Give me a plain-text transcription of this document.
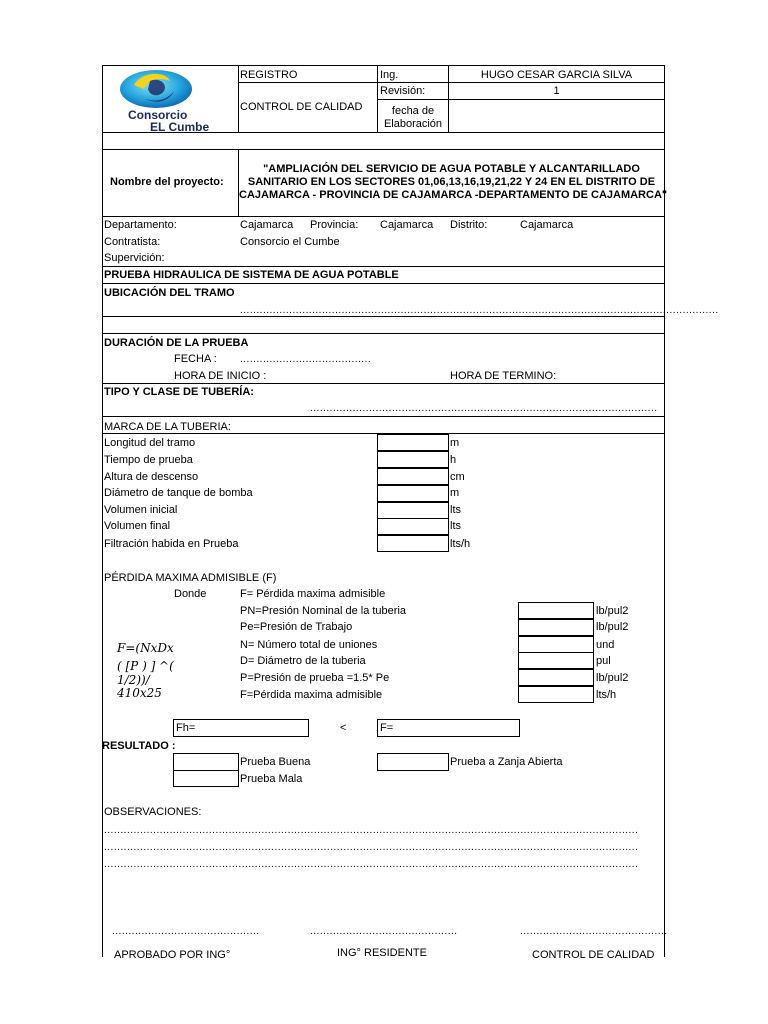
Consorcio
EL Cumbe
REGISTRO
CONTROL DE CALIDAD
Ing.	HUGO CESAR GARCIA SILVA
Revisión:	1
fecha de
Elaboración
Nombre del proyecto:
"AMPLIACIÓN DEL SERVICIO DE AGUA POTABLE Y ALCANTARILLADO
SANITARIO EN LOS SECTORES 01,06,13,16,19,21,22 Y 24 EN EL DISTRITO DE
CAJAMARCA - PROVINCIA DE CAJAMARCA -DEPARTAMENTO DE CAJAMARCA"
Departamento:	Cajamarca Provincia: Cajamarca Distrito:	Cajamarca
Contratista:	Consorcio el Cumbe
Supervición:
PRUEBA HIDRAULICA DE SISTEMA DE AGUA POTABLE
UBICACIÓN DEL TRAMO
..................................................................................................................................................
DURACIÓN DE LA PRUEBA
FECHA : ........................................
HORA DE INICIO :	HORA DE TERMINO:
TIPO Y CLASE DE TUBERÍA:
..........................................................................................................
MARCA DE LA TUBERIA:
Longitud del tramo	m
Tiempo de prueba	h
Altura de descenso	cm
Diámetro de tanque de bomba	m
Volumen inicial	lts
Volumen final	lts
Filtración habida en Prueba	lts/h
PÉRDIDA MAXIMA ADMISIBLE (F)
Donde	F= Pérdida maxima admisible
PN=Presión Nominal de la tuberia	lb/pul2
Pe=Presión de Trabajo	lb/pul2
N= Número total de uniones	und
D= Diámetro de la tuberia	pul
P=Presión de prueba =1.5* Pe	lb/pul2
F=Pérdida maxima admisible	lts/h
F=(NxDx
( [P ) ] ^(
1/2))/
410x25
Fh=	<	F=
RESULTADO :
Prueba Buena
Prueba Mala
Prueba a Zanja Abierta
OBSERVACIONES:
...................................................................................................................................................................
...................................................................................................................................................................
...................................................................................................................................................................
.............................................	.............................................	.............................................
APROBADO POR ING°	ING° RESIDENTE	CONTROL DE CALIDAD
